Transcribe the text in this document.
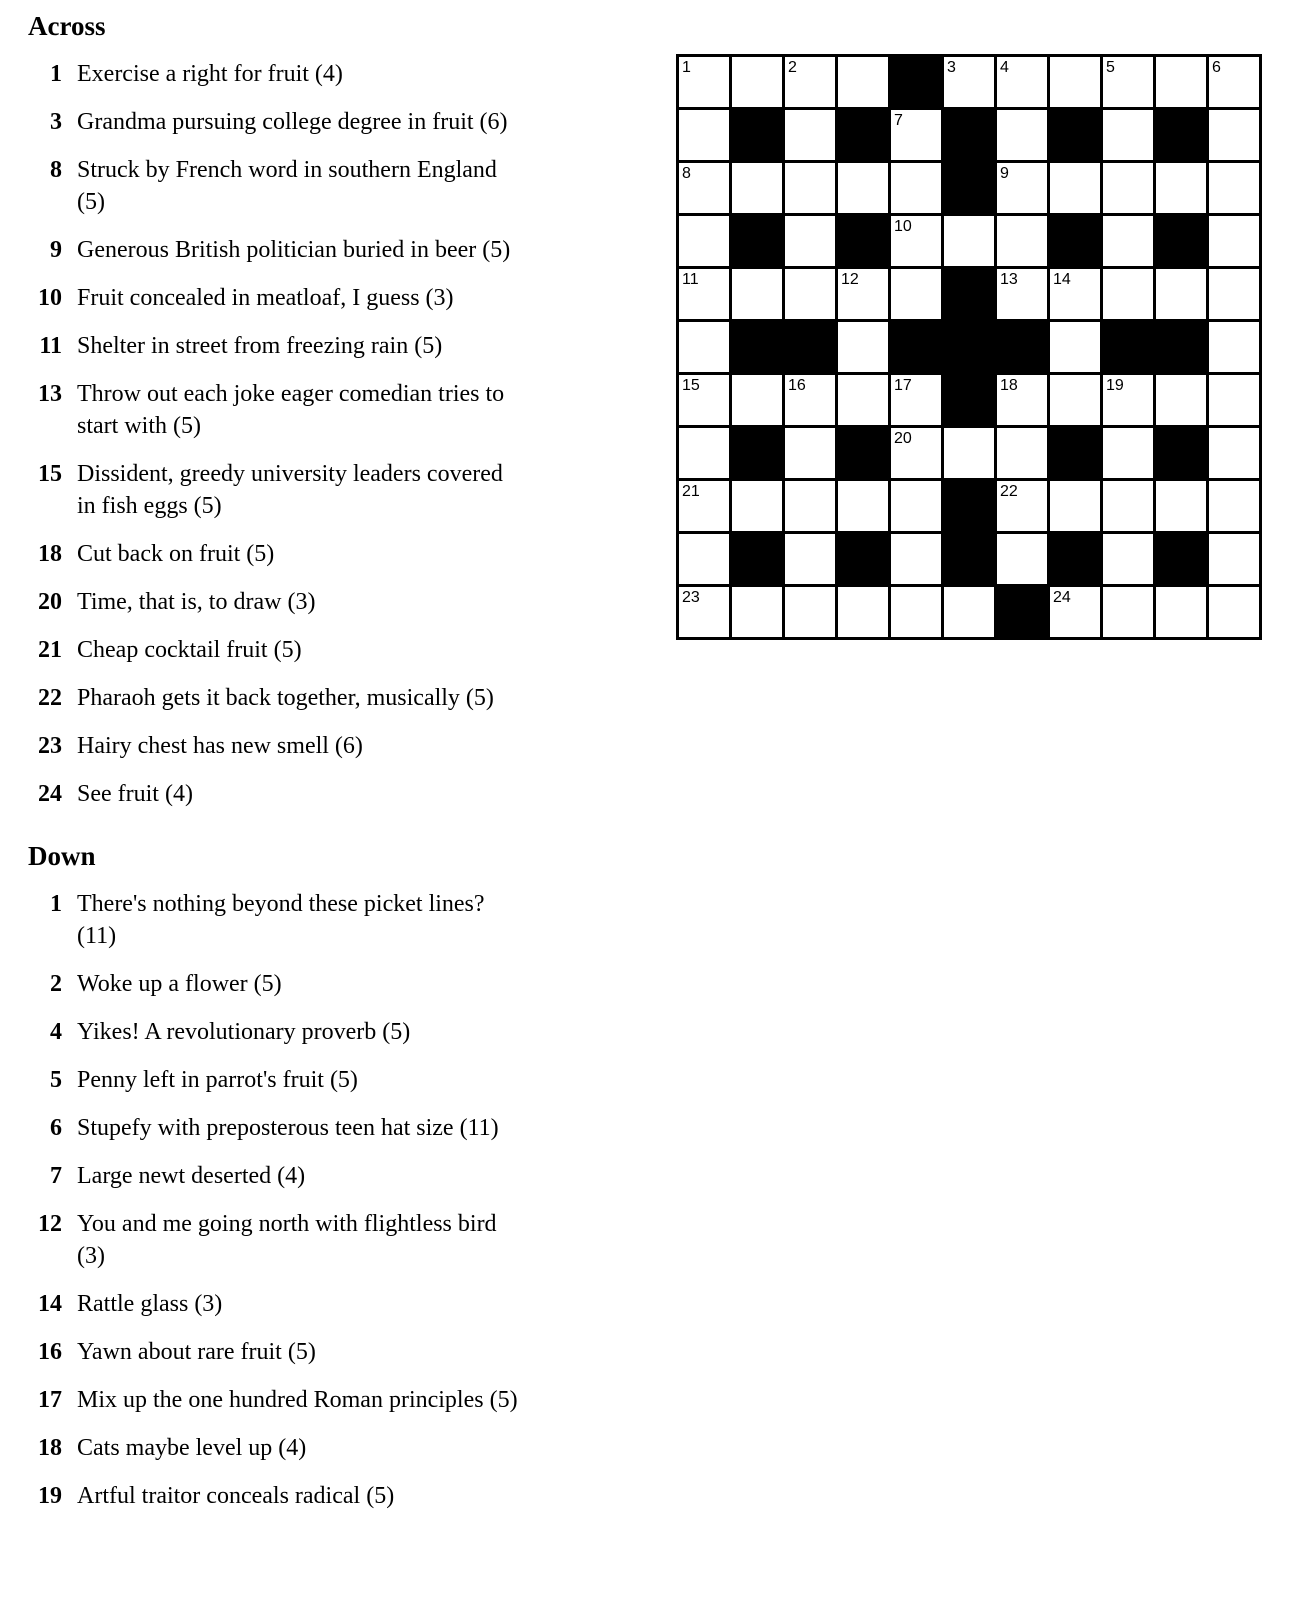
Across
1 Exercise a right for fruit (4)
3 Grandma pursuing college degree in fruit (6)
8 Struck by French word in southern England
(5)
9 Generous British politician buried in beer (5)
10 Fruit concealed in meatloaf, I guess (3)
11 Shelter in street from freezing rain (5)
13 Throw out each joke eager comedian tries to
start with (5)
15 Dissident, greedy university leaders covered
in fish eggs (5)
18 Cut back on fruit (5)
20 Time, that is, to draw (3)
21 Cheap cocktail fruit (5)
22 Pharaoh gets it back together, musically (5)
23 Hairy chest has new smell (6)
24 See fruit (4)
Down
1 There's nothing beyond these picket lines?
(11)
2 Woke up a flower (5)
4 Yikes! A revolutionary proverb (5)
5 Penny left in parrot's fruit (5)
6 Stupefy with preposterous teen hat size (11)
7 Large newt deserted (4)
12 You and me going north with flightless bird
(3)
14 Rattle glass (3)
16 Yawn about rare fruit (5)
17 Mix up the one hundred Roman principles (5)
18 Cats maybe level up (4)
19 Artful traitor conceals radical (5)
1	2	3	4	5	6
7
8	9
10
11	12	13 14
15	16	17	18	19
20
21	22
23	24
